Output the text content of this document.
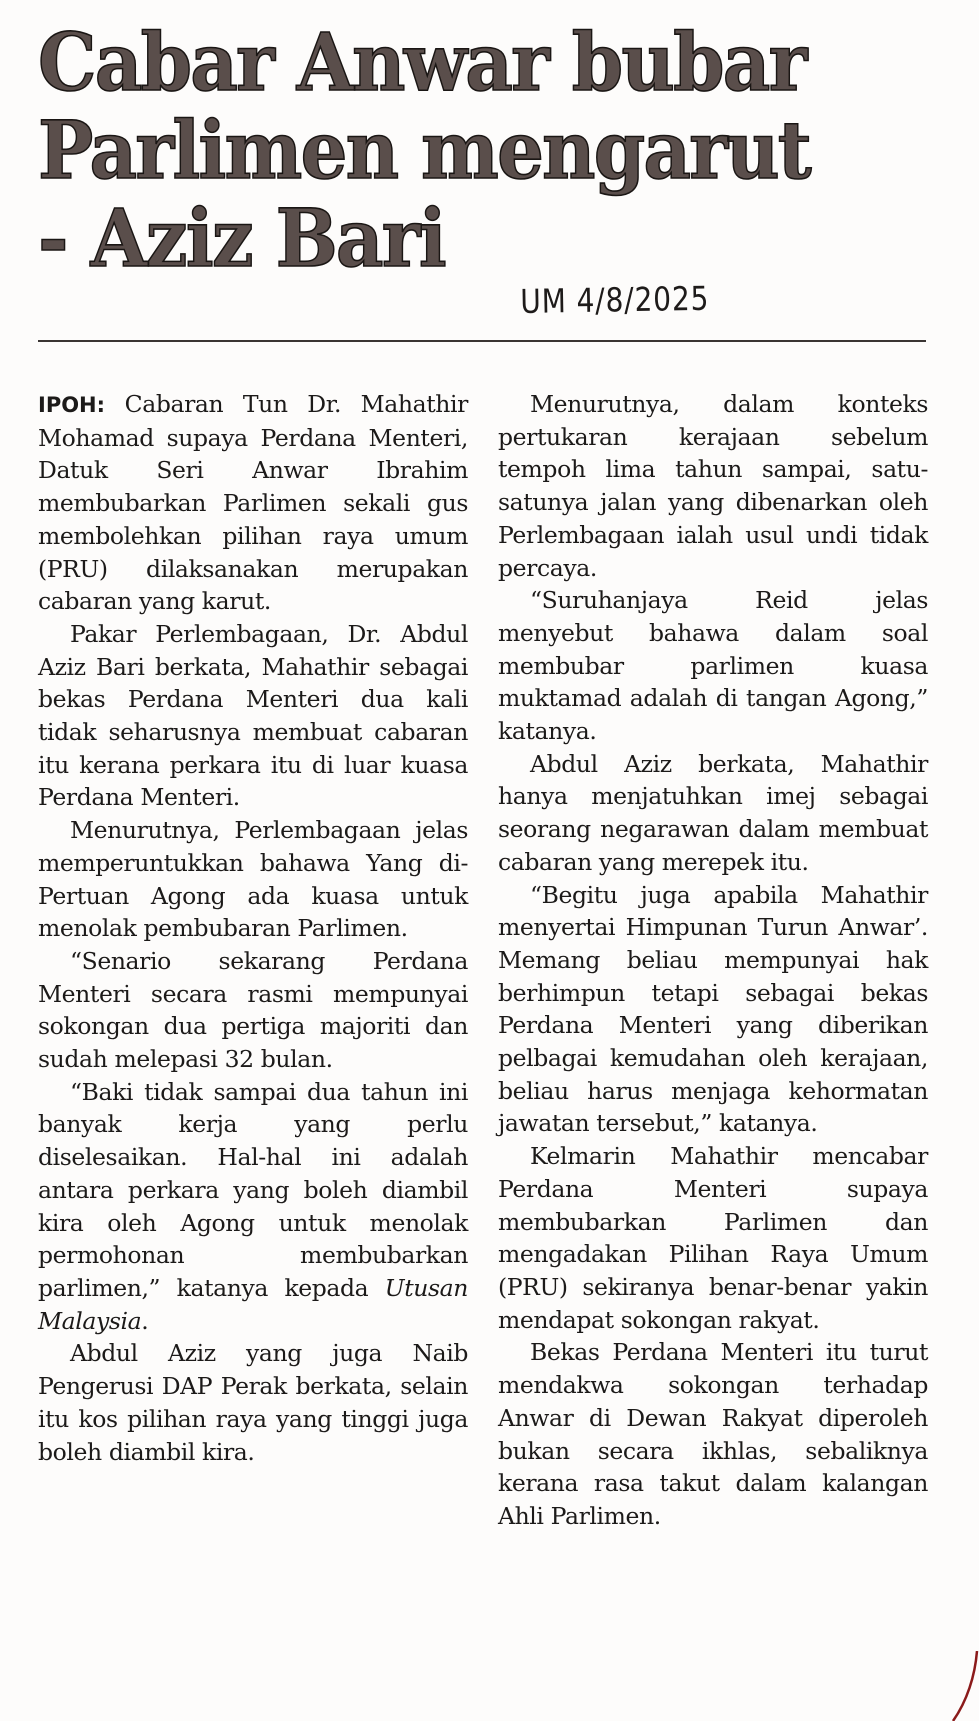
Cabar Anwar bubar
Parlimen mengarut
- Aziz Bari
UM 4/8/2025

IPOH: Cabaran Tun Dr. Mahathir Mohamad supaya Perdana Menteri, Datuk Seri Anwar Ibrahim membubarkan Parlimen sekali gus membolehkan pilihan raya umum (PRU) dilaksanakan merupakan cabaran yang karut.

Pakar Perlembagaan, Dr. Abdul Aziz Bari berkata, Mahathir sebagai bekas Perdana Menteri dua kali tidak seharusnya membuat cabaran itu kerana perkara itu di luar kuasa Perdana Menteri.

Menurutnya, Perlembagaan jelas memperuntukkan bahawa Yang di-Pertuan Agong ada kuasa untuk menolak pembubaran Parlimen.

“Senario sekarang Perdana Menteri secara rasmi mempunyai sokongan dua pertiga majoriti dan sudah melepasi 32 bulan.

“Baki tidak sampai dua tahun ini banyak kerja yang perlu diselesaikan. Hal-hal ini adalah antara perkara yang boleh diambil kira oleh Agong untuk menolak permohonan membubarkan parlimen,” katanya kepada Utusan Malaysia.

Abdul Aziz yang juga Naib Pengerusi DAP Perak berkata, selain itu kos pilihan raya yang tinggi juga boleh diambil kira.

Menurutnya, dalam konteks pertukaran kerajaan sebelum tempoh lima tahun sampai, satu-satunya jalan yang dibenarkan oleh Perlembagaan ialah usul undi tidak percaya.

“Suruhanjaya Reid jelas menyebut bahawa dalam soal membubar parlimen kuasa muktamad adalah di tangan Agong,” katanya.

Abdul Aziz berkata, Mahathir hanya menjatuhkan imej sebagai seorang negarawan dalam membuat cabaran yang merepek itu.

“Begitu juga apabila Mahathir menyertai Himpunan Turun Anwar’. Memang beliau mempunyai hak berhimpun tetapi sebagai bekas Perdana Menteri yang diberikan pelbagai kemudahan oleh kerajaan, beliau harus menjaga kehormatan jawatan tersebut,” katanya.

Kelmarin Mahathir mencabar Perdana Menteri supaya membubarkan Parlimen dan mengadakan Pilihan Raya Umum (PRU) sekiranya benar-benar yakin mendapat sokongan rakyat.

Bekas Perdana Menteri itu turut mendakwa sokongan terhadap Anwar di Dewan Rakyat diperoleh bukan secara ikhlas, sebaliknya kerana rasa takut dalam kalangan Ahli Parlimen.
